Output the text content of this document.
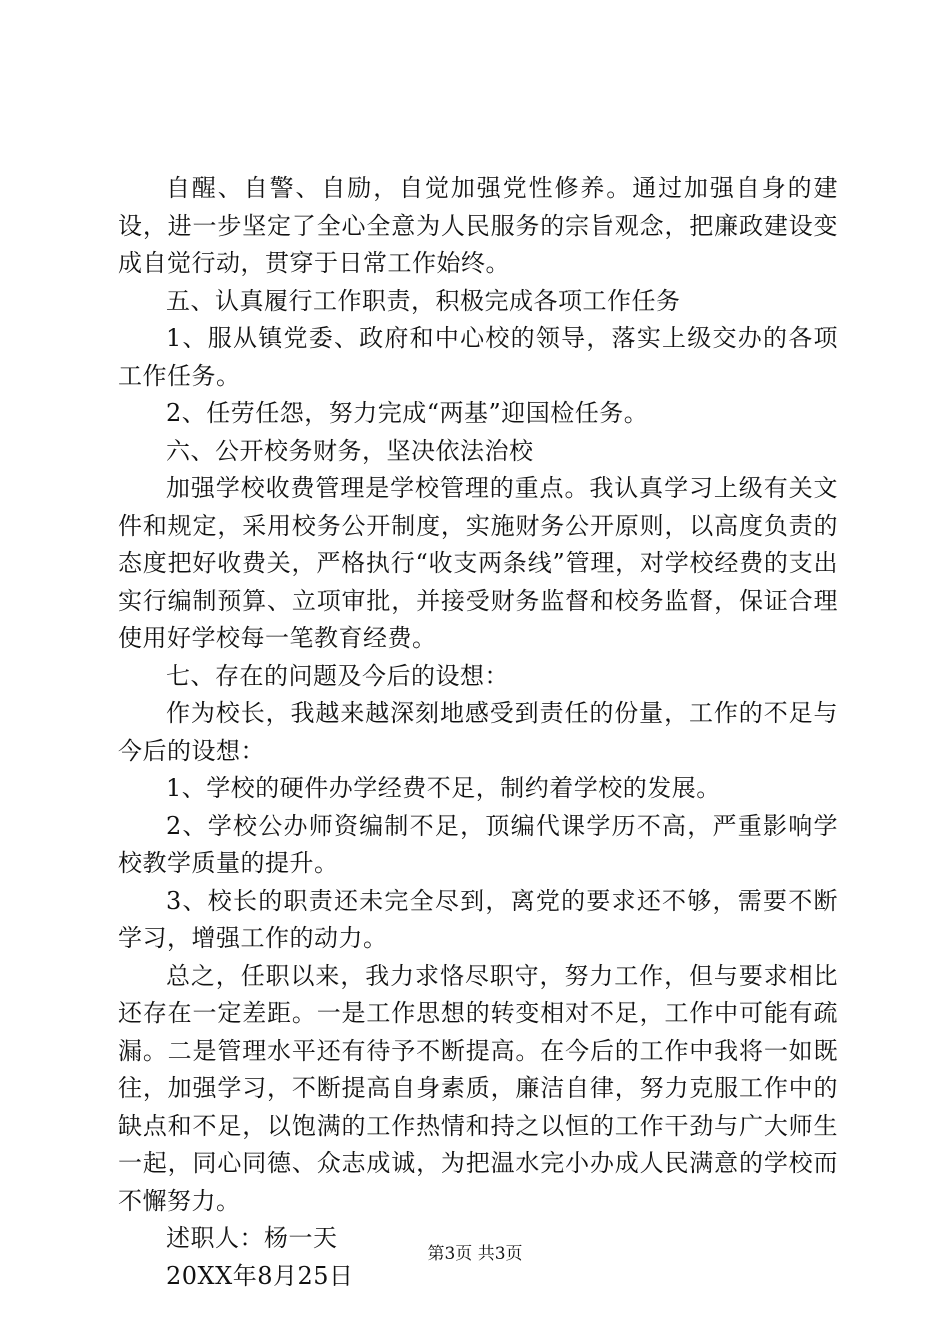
自醒、自警、自励，自觉加强党性修养。通过加强自身的建设，进一步坚定了全心全意为人民服务的宗旨观念，把廉政建设变成自觉行动，贯穿于日常工作始终。

五、认真履行工作职责，积极完成各项工作任务

1、服从镇党委、政府和中心校的领导，落实上级交办的各项工作任务。

2、任劳任怨，努力完成“两基”迎国检任务。

六、公开校务财务，坚决依法治校

加强学校收费管理是学校管理的重点。我认真学习上级有关文件和规定，采用校务公开制度，实施财务公开原则，以高度负责的态度把好收费关，严格执行“收支两条线”管理，对学校经费的支出实行编制预算、立项审批，并接受财务监督和校务监督，保证合理使用好学校每一笔教育经费。

七、存在的问题及今后的设想：

作为校长，我越来越深刻地感受到责任的份量，工作的不足与今后的设想：

1、学校的硬件办学经费不足，制约着学校的发展。

2、学校公办师资编制不足，顶编代课学历不高，严重影响学校教学质量的提升。

3、校长的职责还未完全尽到，离党的要求还不够，需要不断学习，增强工作的动力。

总之，任职以来，我力求恪尽职守，努力工作，但与要求相比还存在一定差距。一是工作思想的转变相对不足，工作中可能有疏漏。二是管理水平还有待予不断提高。在今后的工作中我将一如既往，加强学习，不断提高自身素质，廉洁自律，努力克服工作中的缺点和不足，以饱满的工作热情和持之以恒的工作干劲与广大师生一起，同心同德、众志成诚，为把温水完小办成人民满意的学校而不懈努力。

述职人：杨一天

20XX年8月25日

第3页 共3页
